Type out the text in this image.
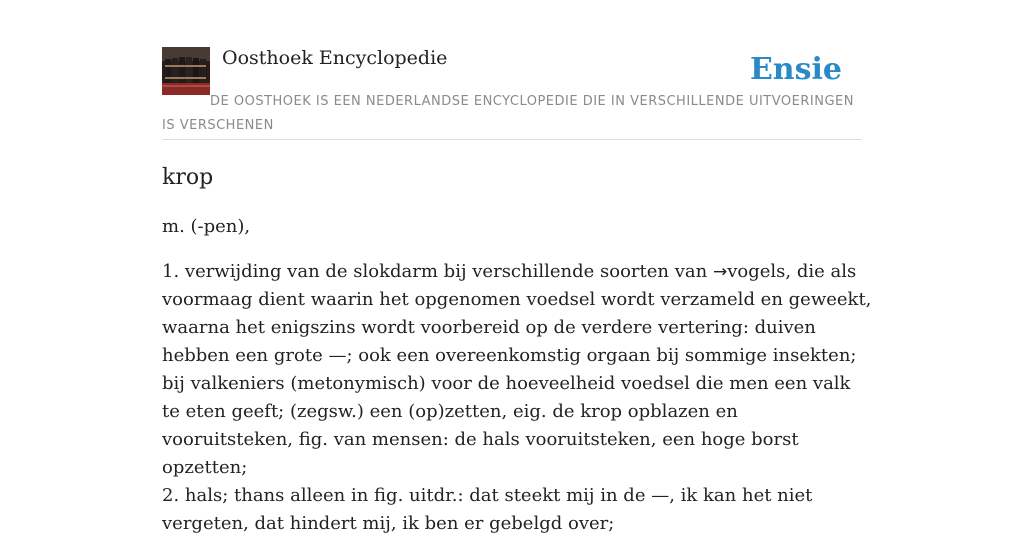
Oosthoek Encyclopedie	Ensie
DE OOSTHOEK IS EEN NEDERLANDSE ENCYCLOPEDIE DIE IN VERSCHILLENDE UITVOERINGEN IS VERSCHENEN
krop

m. (-pen),

1. verwijding van de slokdarm bij verschillende soorten van →vogels, die als voormaag dient waarin het opgenomen voedsel wordt verzameld en geweekt, waarna het enigszins wordt voorbereid op de verdere vertering: duiven hebben een grote —; ook een overeenkomstig orgaan bij sommige insekten; bij valkeniers (metonymisch) voor de hoeveelheid voedsel die men een valk te eten geeft; (zegsw.) een (op)zetten, eig. de krop opblazen en vooruitsteken, fig. van mensen: de hals vooruitsteken, een hoge borst opzetten;
2. hals; thans alleen in fig. uitdr.: dat steekt mij in de —, ik kan het niet vergeten, dat hindert mij, ik ben er gebelgd over;
